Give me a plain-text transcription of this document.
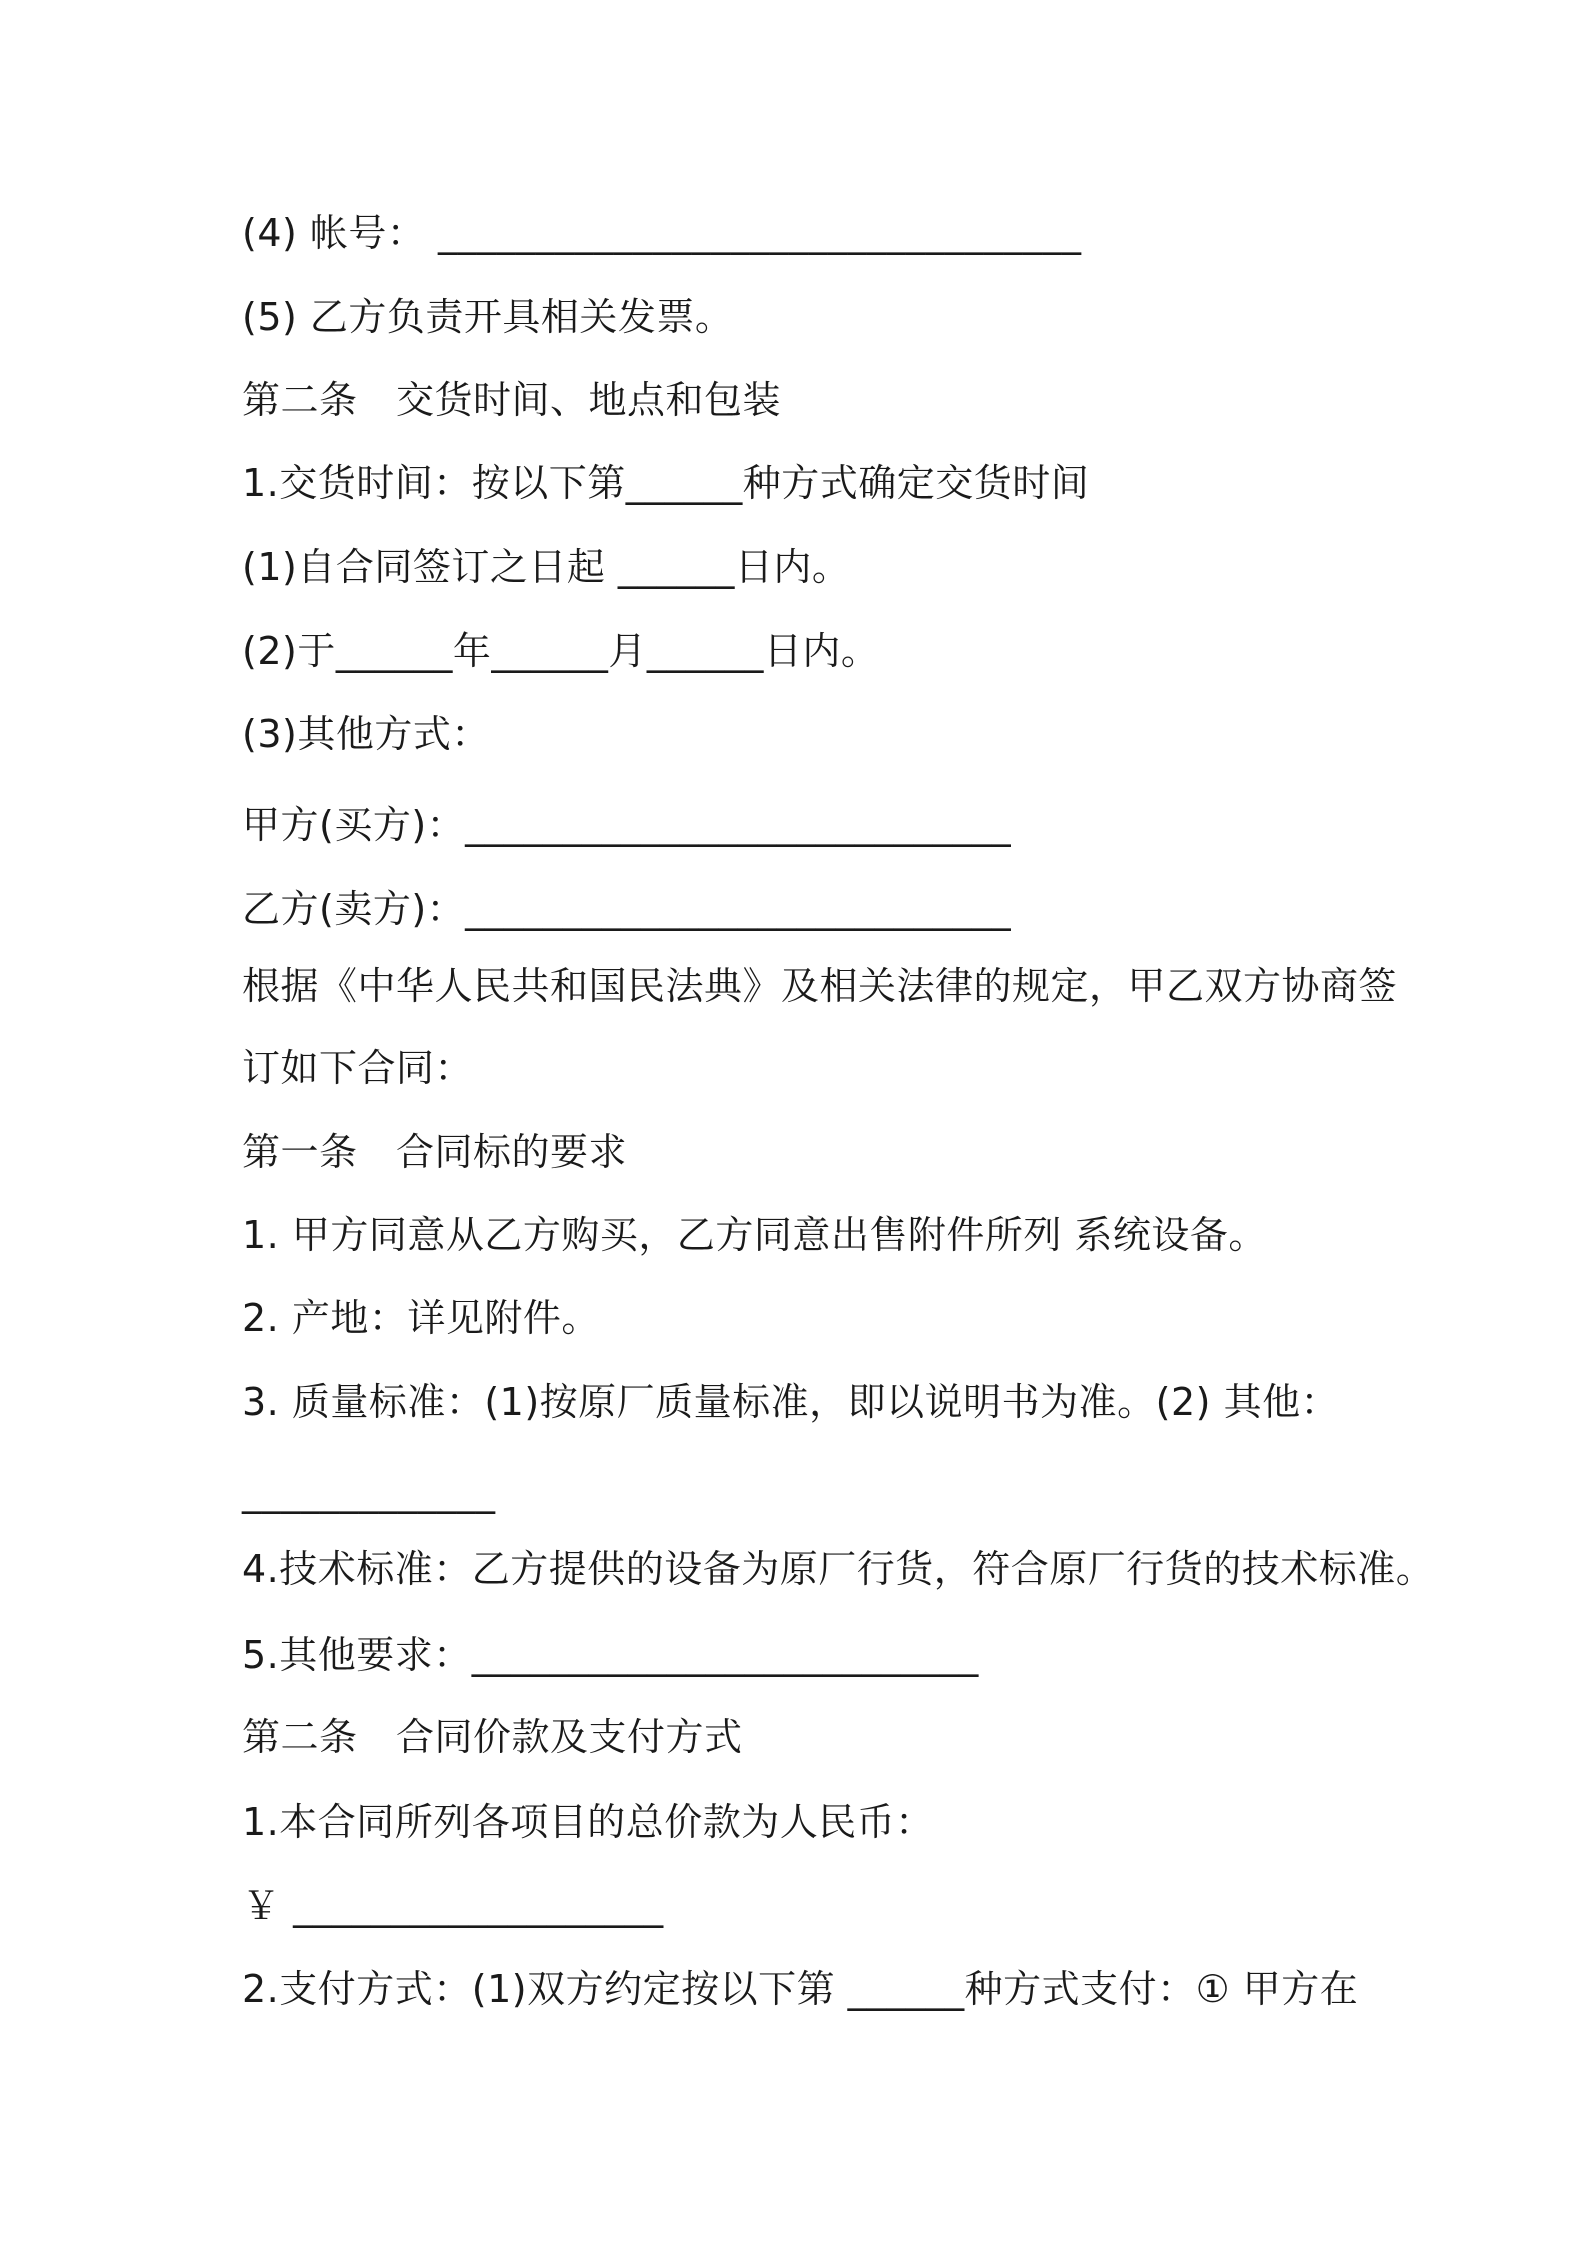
(4) 帐号： _________________________________
(5) 乙方负责开具相关发票。
第二条　交货时间、地点和包装
1.交货时间：按以下第______种方式确定交货时间
(1)自合同签订之日起 ______日内。
(2)于______年______月______日内。
(3)其他方式：
甲方(买方)：____________________________
乙方(卖方)：____________________________
根据《中华人民共和国民法典》及相关法律的规定，甲乙双方协商签
订如下合同：
第一条　合同标的要求
1. 甲方同意从乙方购买，乙方同意出售附件所列 系统设备。
2. 产地：详见附件。
3. 质量标准：(1)按原厂质量标准，即以说明书为准。(2) 其他：
_____________
4.技术标准：乙方提供的设备为原厂行货，符合原厂行货的技术标准。
5.其他要求：__________________________
第二条　合同价款及支付方式
1.本合同所列各项目的总价款为人民币：
￥ ___________________
2.支付方式：(1)双方约定按以下第 ______种方式支付：① 甲方在
